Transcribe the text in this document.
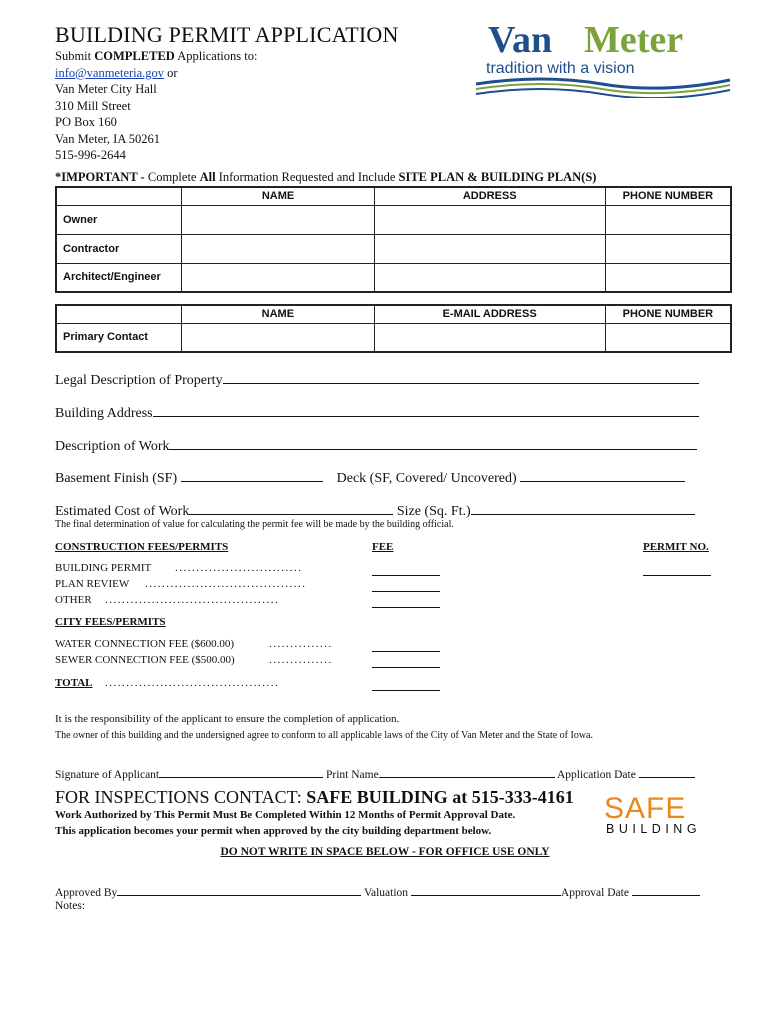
BUILDING PERMIT APPLICATION
Submit COMPLETED Applications to:
info@vanmeteria.gov or
Van Meter City Hall
310 Mill Street
PO Box 160
Van Meter, IA 50261
515-996-2644
Van Meter
tradition with a vision
*IMPORTANT - Complete All Information Requested and Include SITE PLAN & BUILDING PLAN(S)
	NAME	ADDRESS	PHONE NUMBER
Owner			
Contractor			
Architect/Engineer			
	NAME	E-MAIL ADDRESS	PHONE NUMBER
Primary Contact			
Legal Description of Property
Building Address
Description of Work
Basement Finish (SF)	Deck (SF, Covered/ Uncovered)
Estimated Cost of Work	Size (Sq. Ft.)
The final determination of value for calculating the permit fee will be made by the building official.
CONSTRUCTION FEES/PERMITS	FEE	PERMIT NO.
BUILDING PERMIT ..............................
PLAN REVIEW ......................................
OTHER .........................................
CITY FEES/PERMITS
WATER CONNECTION FEE ($600.00)	...............
SEWER CONNECTION FEE ($500.00)	...............
TOTAL .........................................
It is the responsibility of the applicant to ensure the completion of application.
The owner of this building and the undersigned agree to conform to all applicable laws of the City of Van Meter and the State of Iowa.
Signature of Applicant	Print Name	Application Date
FOR INSPECTIONS CONTACT: SAFE BUILDING at 515-333-4161
Work Authorized by This Permit Must Be Completed Within 12 Months of Permit Approval Date.
This application becomes your permit when approved by the city building department below.
SAFE
BUILDING
DO NOT WRITE IN SPACE BELOW - FOR OFFICE USE ONLY
Approved By	Valuation	Approval Date
Notes:
